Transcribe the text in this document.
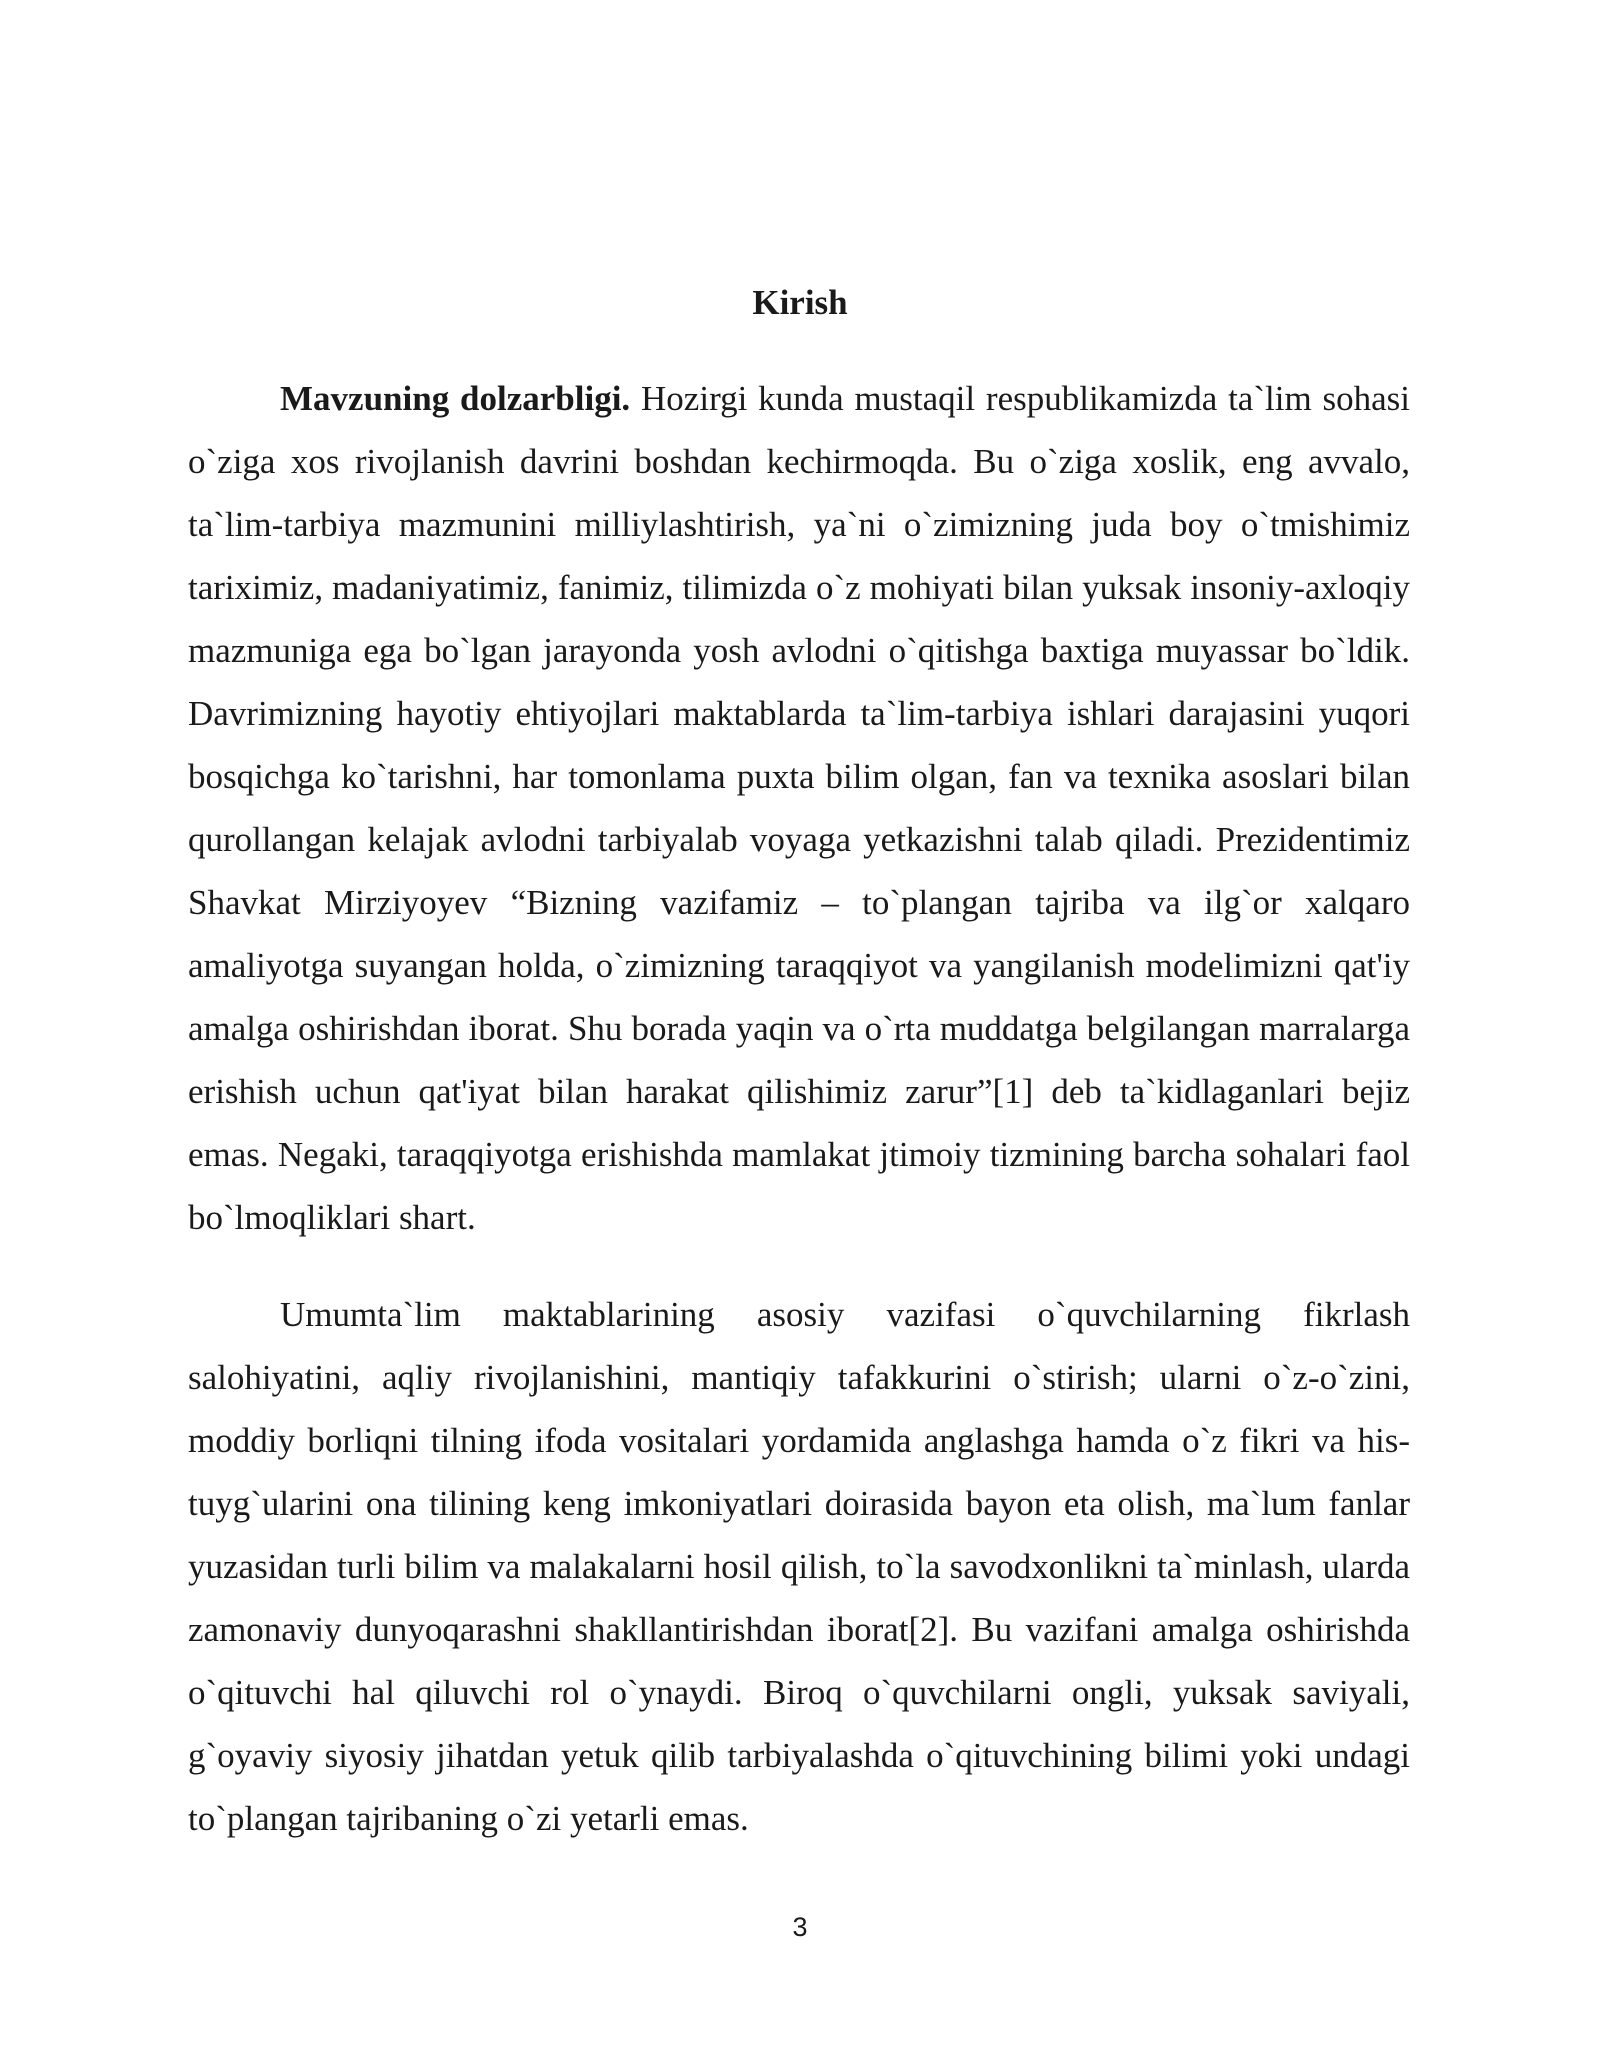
Kirish

Mavzuning dolzarbligi. Hozirgi kunda mustaqil respublikamizda ta`lim sohasi o`ziga xos rivojlanish davrini boshdan kechirmoqda. Bu o`ziga xoslik, eng avvalo, ta`lim-tarbiya mazmunini milliylashtirish, ya`ni o`zimizning juda boy o`tmishimiz tariximiz, madaniyatimiz, fanimiz, tilimizda o`z mohiyati bilan yuksak insoniy-axloqiy mazmuniga ega bo`lgan jarayonda yosh avlodni o`qitishga baxtiga muyassar bo`ldik. Davrimizning hayotiy ehtiyojlari maktablarda ta`lim-tarbiya ishlari darajasini yuqori bosqichga ko`tarishni, har tomonlama puxta bilim olgan, fan va texnika asoslari bilan qurollangan kelajak avlodni tarbiyalab voyaga yetkazishni talab qiladi. Prezidentimiz Shavkat Mirziyoyev “Bizning vazifamiz – to`plangan tajriba va ilg`or xalqaro amaliyotga suyangan holda, o`zimizning taraqqiyot va yangilanish modelimizni qat'iy amalga oshirishdan iborat. Shu borada yaqin va o`rta muddatga belgilangan marralarga erishish uchun qat'iyat bilan harakat qilishimiz zarur”[1] deb ta`kidlaganlari bejiz emas. Negaki, taraqqiyotga erishishda mamlakat jtimoiy tizmining barcha sohalari faol bo`lmoqliklari shart.

Umumta`lim maktablarining asosiy vazifasi o`quvchilarning fikrlash salohiyatini, aqliy rivojlanishini, mantiqiy tafakkurini o`stirish; ularni o`z-o`zini, moddiy borliqni tilning ifoda vositalari yordamida anglashga hamda o`z fikri va his-tuyg`ularini ona tilining keng imkoniyatlari doirasida bayon eta olish, ma`lum fanlar yuzasidan turli bilim va malakalarni hosil qilish, to`la savodxonlikni ta`minlash, ularda zamonaviy dunyoqarashni shakllantirishdan iborat[2]. Bu vazifani amalga oshirishda o`qituvchi hal qiluvchi rol o`ynaydi. Biroq o`quvchilarni ongli, yuksak saviyali, g`oyaviy siyosiy jihatdan yetuk qilib tarbiyalashda o`qituvchining bilimi yoki undagi to`plangan tajribaning o`zi yetarli emas.

3
